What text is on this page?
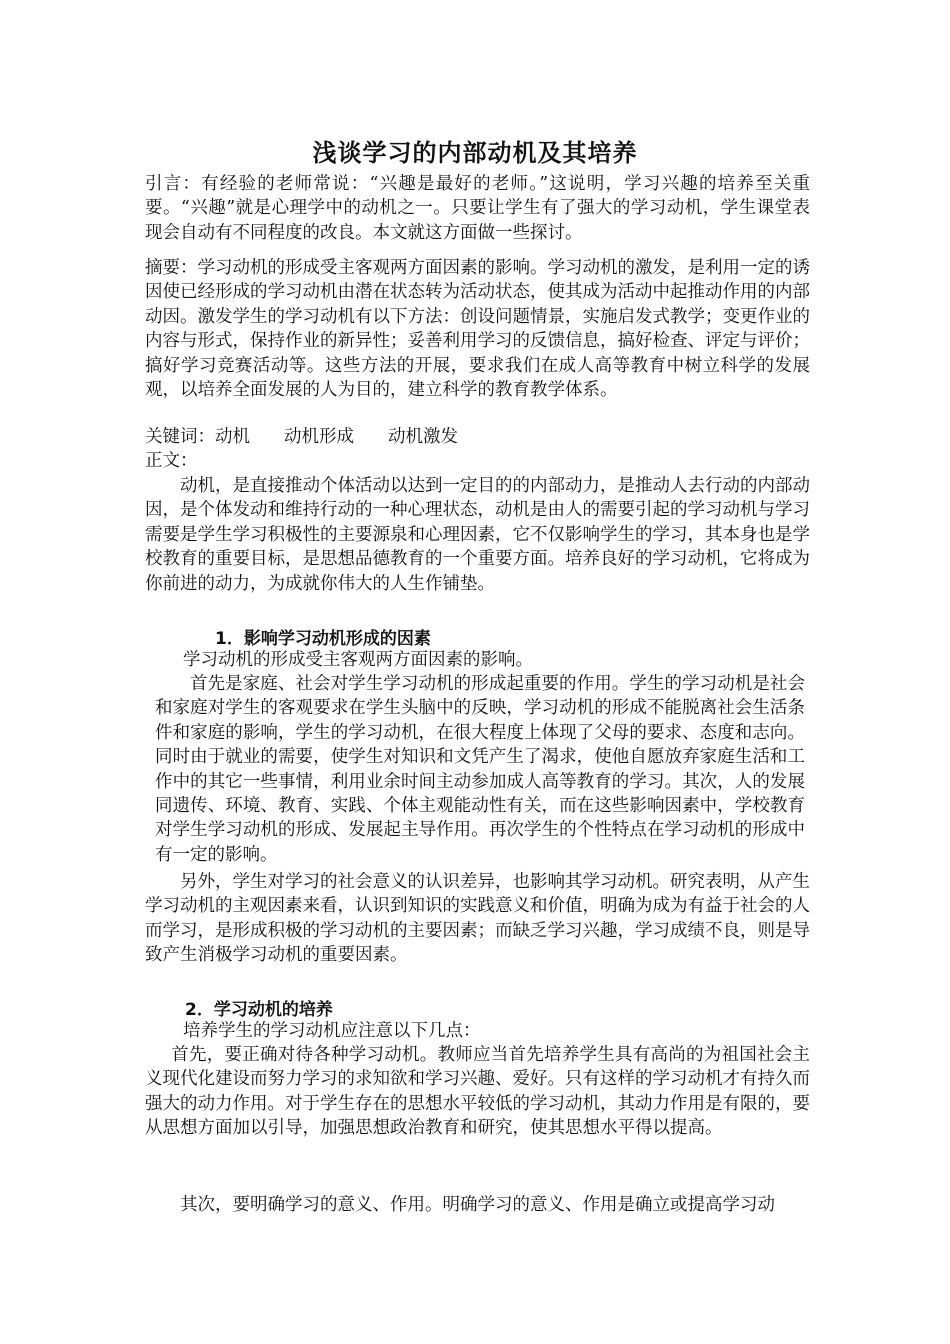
浅谈学习的内部动机及其培养
引言：有经验的老师常说：“兴趣是最好的老师。”这说明，学习兴趣的培养至关重要。“兴趣”就是心理学中的动机之一。只要让学生有了强大的学习动机，学生课堂表现会自动有不同程度的改良。本文就这方面做一些探讨。
摘要：学习动机的形成受主客观两方面因素的影响。学习动机的激发，是利用一定的诱因使已经形成的学习动机由潜在状态转为活动状态，使其成为活动中起推动作用的内部动因。激发学生的学习动机有以下方法：创设问题情景，实施启发式教学；变更作业的内容与形式，保持作业的新异性；妥善利用学习的反馈信息，搞好检查、评定与评价；搞好学习竞赛活动等。这些方法的开展，要求我们在成人高等教育中树立科学的发展观，以培养全面发展的人为目的，建立科学的教育教学体系。
关键词：动机 动机形成 动机激发
正文：
动机，是直接推动个体活动以达到一定目的的内部动力，是推动人去行动的内部动因，是个体发动和维持行动的一种心理状态，动机是由人的需要引起的学习动机与学习需要是学生学习积极性的主要源泉和心理因素，它不仅影响学生的学习，其本身也是学校教育的重要目标，是思想品德教育的一个重要方面。培养良好的学习动机，它将成为你前进的动力，为成就你伟大的人生作铺垫。
1．影响学习动机形成的因素
学习动机的形成受主客观两方面因素的影响。
首先是家庭、社会对学生学习动机的形成起重要的作用。学生的学习动机是社会和家庭对学生的客观要求在学生头脑中的反映，学习动机的形成不能脱离社会生活条件和家庭的影响，学生的学习动机，在很大程度上体现了父母的要求、态度和志向。同时由于就业的需要，使学生对知识和文凭产生了渴求，使他自愿放弃家庭生活和工作中的其它一些事情，利用业余时间主动参加成人高等教育的学习。其次，人的发展同遗传、环境、教育、实践、个体主观能动性有关，而在这些影响因素中，学校教育对学生学习动机的形成、发展起主导作用。再次学生的个性特点在学习动机的形成中有一定的影响。
另外，学生对学习的社会意义的认识差异，也影响其学习动机。研究表明，从产生学习动机的主观因素来看，认识到知识的实践意义和价值，明确为成为有益于社会的人而学习，是形成积极的学习动机的主要因素；而缺乏学习兴趣，学习成绩不良，则是导致产生消极学习动机的重要因素。
2．学习动机的培养
培养学生的学习动机应注意以下几点：
首先，要正确对待各种学习动机。教师应当首先培养学生具有高尚的为祖国社会主义现代化建设而努力学习的求知欲和学习兴趣、爱好。只有这样的学习动机才有持久而强大的动力作用。对于学生存在的思想水平较低的学习动机，其动力作用是有限的，要从思想方面加以引导，加强思想政治教育和研究，使其思想水平得以提高。
其次，要明确学习的意义、作用。明确学习的意义、作用是确立或提高学习动
